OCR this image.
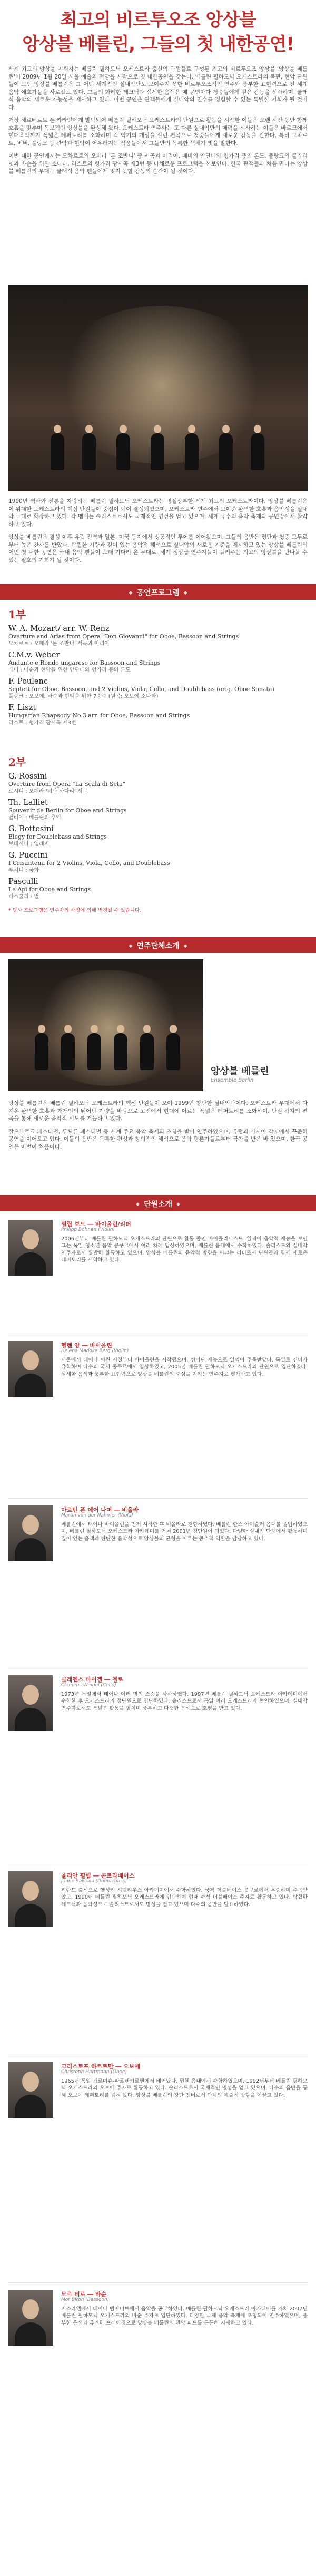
최고의 비르투오조 앙상블
앙상블 베를린, 그들의 첫 내한공연!

세계 최고의 앙상블 지휘자는 베를린 필하모닉 오케스트라 출신의 단원들로 구성된 최고의 비르투오조 앙상블 '앙상블 베를린'이 2009년 1월 20일 서울 예술의 전당을 시작으로 첫 내한공연을 갖는다. 베를린 필하모닉 오케스트라의 목관, 현악 단원들이 모인 앙상블 베를린은 그 어떤 세계적인 실내악단도 보여주지 못한 비르투오조적인 연주와 풍부한 표현력으로 전 세계 음악 애호가들을 사로잡고 있다. 그들의 화려한 테크닉과 섬세한 음색은 매 공연마다 청중들에게 깊은 감동을 선사하며, 클래식 음악의 새로운 가능성을 제시하고 있다. 이번 공연은 관객들에게 실내악의 진수를 경험할 수 있는 특별한 기회가 될 것이다.

거장 헤르베르트 폰 카라얀에게 발탁되어 베를린 필하모닉 오케스트라의 단원으로 활동을 시작한 이들은 오랜 시간 동안 함께 호흡을 맞추며 독보적인 앙상블을 완성해 왔다. 오케스트라 연주와는 또 다른 실내악만의 매력을 선사하는 이들은 바로크에서 현대음악까지 폭넓은 레퍼토리를 소화하며 각 악기의 개성을 살린 편곡으로 청중들에게 새로운 감동을 전한다. 특히 모차르트, 베버, 풀랑크 등 관악과 현악이 어우러지는 작품들에서 그들만의 독특한 색채가 빛을 발한다.

이번 내한 공연에서는 모차르트의 오페라 '돈 조반니' 중 서곡과 아리아, 베버의 안단테와 헝가리 풍의 론도, 풀랑크의 클라리넷과 바순을 위한 소나타, 리스트의 헝가리 광시곡 제3번 등 다채로운 프로그램을 선보인다. 한국 관객들과 처음 만나는 앙상블 베를린의 무대는 클래식 음악 팬들에게 잊지 못할 감동의 순간이 될 것이다.

1990년 역사와 전통을 자랑하는 베를린 필하모닉 오케스트라는 명실상부한 세계 최고의 오케스트라이다. 앙상블 베를린은 이 위대한 오케스트라의 핵심 단원들이 중심이 되어 결성되었으며, 오케스트라 연주에서 보여준 완벽한 호흡과 음악성을 실내악 무대로 확장하고 있다. 각 멤버는 솔리스트로서도 국제적인 명성을 얻고 있으며, 세계 유수의 음악 축제와 공연장에서 활약하고 있다.

앙상블 베를린은 결성 이후 유럽 전역과 일본, 미국 등지에서 성공적인 투어를 이어왔으며, 그들의 음반은 평단과 청중 모두로부터 높은 찬사를 받았다. 탁월한 기량과 깊이 있는 음악적 해석으로 실내악의 새로운 기준을 제시하고 있는 앙상블 베를린의 이번 첫 내한 공연은 국내 음악 팬들이 오래 기다려 온 무대로, 세계 정상급 연주자들이 들려주는 최고의 앙상블을 만나볼 수 있는 절호의 기회가 될 것이다.

◆ 공연프로그램 ◆
1부
W. A. Mozart/ arr. W. Renz
Overture and Arias from Opera "Don Giovanni" for Oboe, Bassoon and Strings
모차르트 : 오페라 '돈 조반니' 서곡과 아리아
C.M.v. Weber
Andante e Rondo ungarese for Bassoon and Strings
베버 : 바순과 현악을 위한 안단테와 헝가리 풍의 론도
F. Poulenc
Septett for Oboe, Bassoon, and 2 Violins, Viola, Cello, and Doublebass (orig. Oboe Sonata)
풀랑크 : 오보에, 바순과 현악을 위한 7중주 (원곡: 오보에 소나타)
F. Liszt
Hungarian Rhapsody No.3 arr. for Oboe, Bassoon and Strings
리스트 : 헝가리 광시곡 제3번
2부
G. Rossini
Overture from Opera "La Scala di Seta"
로시니 : 오페라 '비단 사다리' 서곡
Th. Lalliet
Souvenir de Berlin for Oboe and Strings
랄리에 : 베를린의 추억
G. Bottesini
Elegy for Doublebass and Strings
보테시니 : 엘레지
G. Puccini
I Crisantemi for 2 Violins, Viola, Cello, and Doublebass
푸치니 : 국화
Pasculli
Le Api for Oboe and Strings
파스쿨리 : 벌
* 당사 프로그램은 연주자의 사정에 의해 변경될 수 있습니다.
◆ 연주단체소개 ◆
앙상블 베를린
Ensemble Berlin

앙상블 베를린은 베를린 필하모닉 오케스트라의 핵심 단원들이 모여 1999년 창단한 실내악단이다. 오케스트라 무대에서 다져온 완벽한 호흡과 개개인의 뛰어난 기량을 바탕으로 고전에서 현대에 이르는 폭넓은 레퍼토리를 소화하며, 단원 각자의 편곡을 통해 새로운 음악적 시도를 거듭하고 있다.

잘츠부르크 페스티벌, 루체른 페스티벌 등 세계 주요 음악 축제의 초청을 받아 연주하였으며, 유럽과 아시아 각지에서 꾸준히 공연을 이어오고 있다. 이들의 음반은 독특한 편성과 창의적인 해석으로 음악 평론가들로부터 극찬을 받은 바 있으며, 한국 공연은 이번이 처음이다.

◆ 단원소개 ◆
필립 보드 ― 바이올린/리더
Philipp Bohnen (Violin)
2006년부터 베를린 필하모닉 오케스트라의 단원으로 활동 중인 바이올리니스트. 일찍이 음악적 재능을 보인 그는 독일 청소년 음악 콩쿠르에서 여러 차례 입상하였으며, 베를린 음대에서 수학하였다. 솔리스트와 실내악 연주자로서 활발히 활동하고 있으며, 앙상블 베를린의 음악적 방향을 이끄는 리더로서 단원들과 함께 새로운 레퍼토리를 개척하고 있다.
헬렌 양 ― 바이올린
Helena Madoka Berg (Violin)
서울에서 태어나 어린 시절부터 바이올린을 시작했으며, 뛰어난 재능으로 일찍이 주목받았다. 독일로 건너가 유학하며 다수의 국제 콩쿠르에서 입상하였고, 2005년 베를린 필하모닉 오케스트라의 단원으로 입단하였다. 섬세한 음색과 풍부한 표현력으로 앙상블 베를린의 중심을 지키는 연주자로 평가받고 있다.
마르틴 폰 데어 나머 ― 비올라
Martin von der Nahmer (Viola)
베를린에서 태어나 바이올린을 먼저 시작한 후 비올라로 전향하였다. 베를린 한스 아이슬러 음대를 졸업하였으며, 베를린 필하모닉 오케스트라 아카데미를 거쳐 2001년 정단원이 되었다. 다양한 실내악 단체에서 활동하며 깊이 있는 음색과 탄탄한 음악성으로 앙상블의 균형을 이루는 중추적 역할을 담당하고 있다.
클레멘스 바이겔 ― 첼로
Clemens Weigel (Cello)
1973년 독일에서 태어나 여러 명의 스승을 사사하였다. 1997년 베를린 필하모닉 오케스트라 아카데미에서 수학한 후 오케스트라의 정단원으로 입단하였다. 솔리스트로서 독일 여러 오케스트라와 협연하였으며, 실내악 연주자로서도 폭넓은 활동을 펼치며 풍부하고 따뜻한 음색으로 호평을 받고 있다.
율리안 필립 ― 콘트라베이스
Janne Saksala (Doublebass)
핀란드 출신으로 헬싱키 시벨리우스 아카데미에서 수학하였다. 국제 더블베이스 콩쿠르에서 우승하며 주목받았고, 1990년 베를린 필하모닉 오케스트라에 입단하여 현재 수석 더블베이스 주자로 활동하고 있다. 탁월한 테크닉과 음악성으로 솔리스트로서도 명성을 얻고 있으며 다수의 음반을 발표하였다.
크리스토프 하르트만 ― 오보에
Christoph Hartmann (Oboe)
1965년 독일 가르미슈-파르텐키르헨에서 태어났다. 뮌헨 음대에서 수학하였으며, 1992년부터 베를린 필하모닉 오케스트라의 오보에 주자로 활동하고 있다. 솔리스트로서 국제적인 명성을 얻고 있으며, 다수의 음반을 통해 오보에 레퍼토리를 넓혀 왔다. 앙상블 베를린의 창단 멤버로서 단체의 예술적 방향을 이끌고 있다.
모르 비로 ― 바순
Mor Biron (Bassoon)
이스라엘에서 태어나 텔아비브에서 음악을 공부하였다. 베를린 필하모닉 오케스트라 아카데미를 거쳐 2007년 베를린 필하모닉 오케스트라의 바순 주자로 입단하였다. 다양한 국제 음악 축제에 초청되어 연주하였으며, 풍부한 음색과 유려한 프레이징으로 앙상블 베를린의 관악 파트를 든든히 지탱하고 있다.
